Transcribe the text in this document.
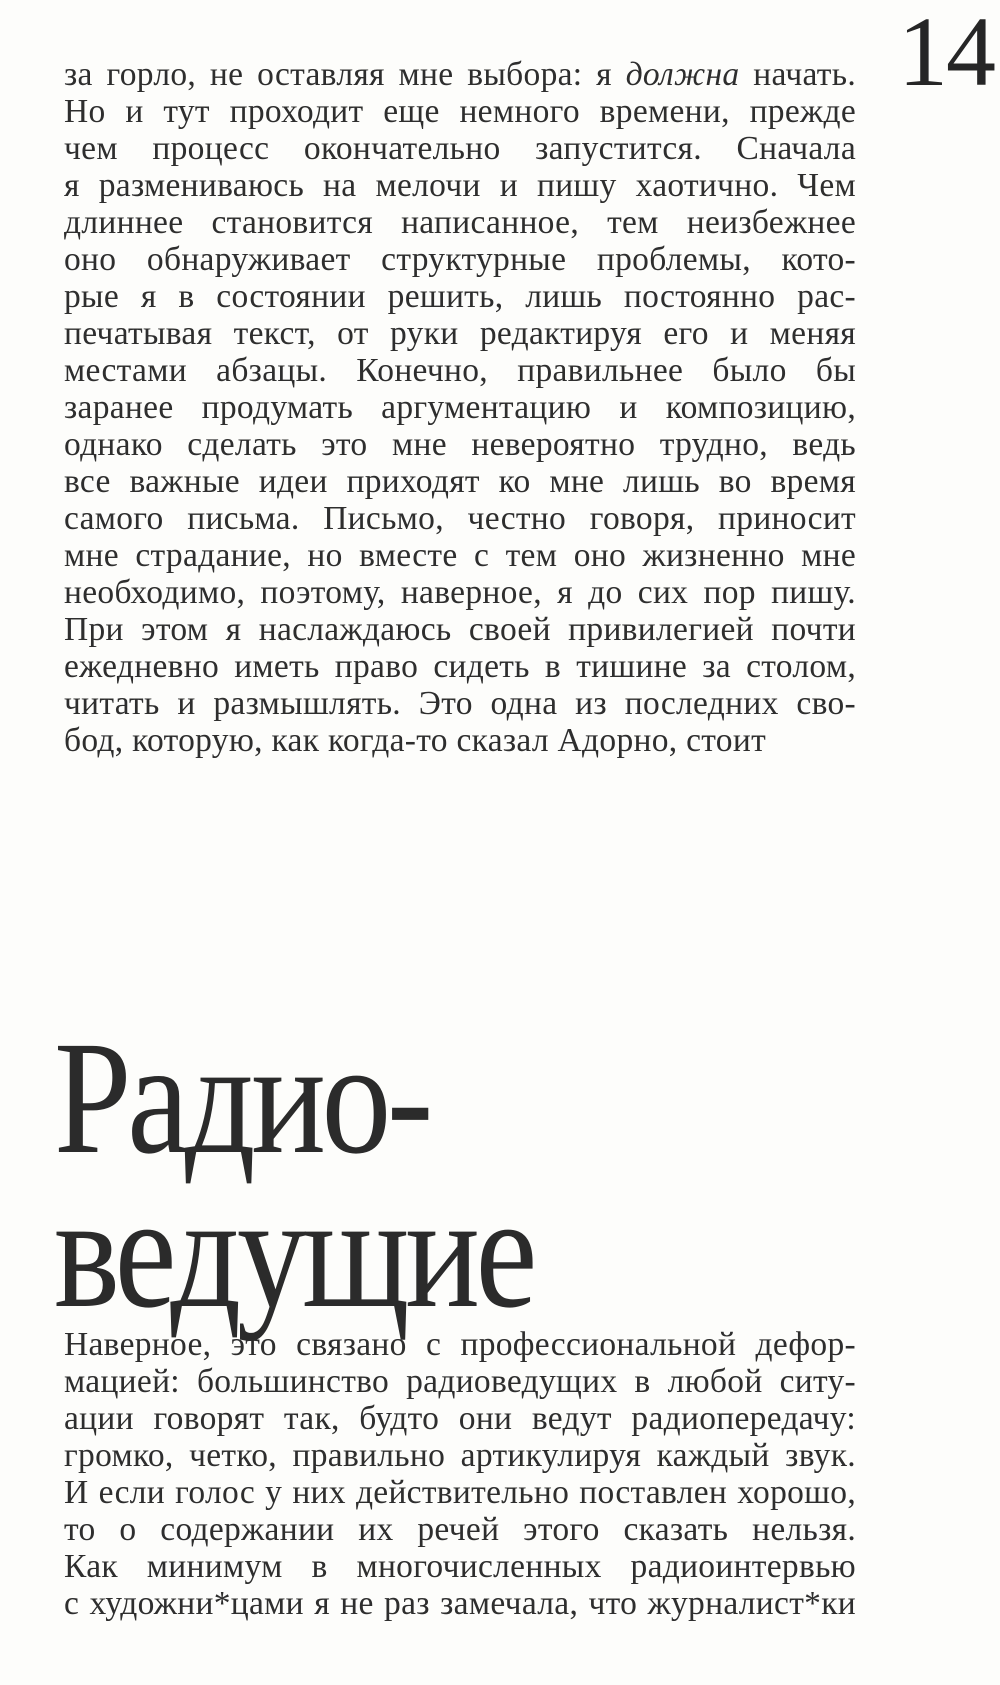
14
за горло, не оставляя мне выбора: я должна начать.
Но и тут проходит еще немного времени, прежде
чем процесс окончательно запустится. Сначала
я размениваюсь на мелочи и пишу хаотично. Чем
длиннее становится написанное, тем неизбежнее
оно обнаруживает структурные проблемы, кото-
рые я в состоянии решить, лишь постоянно рас-
печатывая текст, от руки редактируя его и меняя
местами абзацы. Конечно, правильнее было бы
заранее продумать аргументацию и композицию,
однако сделать это мне невероятно трудно, ведь
все важные идеи приходят ко мне лишь во время
самого письма. Письмо, честно говоря, приносит
мне страдание, но вместе с тем оно жизненно мне
необходимо, поэтому, наверное, я до сих пор пишу.
При этом я наслаждаюсь своей привилегией почти
ежедневно иметь право сидеть в тишине за столом,
читать и размышлять. Это одна из последних сво-
бод, которую, как когда-то сказал Адорно, стоит
Радио-
ведущие
Наверное, это связано с профессиональной дефор-
мацией: большинство радиоведущих в любой ситу-
ации говорят так, будто они ведут радиопередачу:
громко, четко, правильно артикулируя каждый звук.
И если голос у них действительно поставлен хорошо,
то о содержании их речей этого сказать нельзя.
Как минимум в многочисленных радиоинтервью
с художни*цами я не раз замечала, что журналист*ки
